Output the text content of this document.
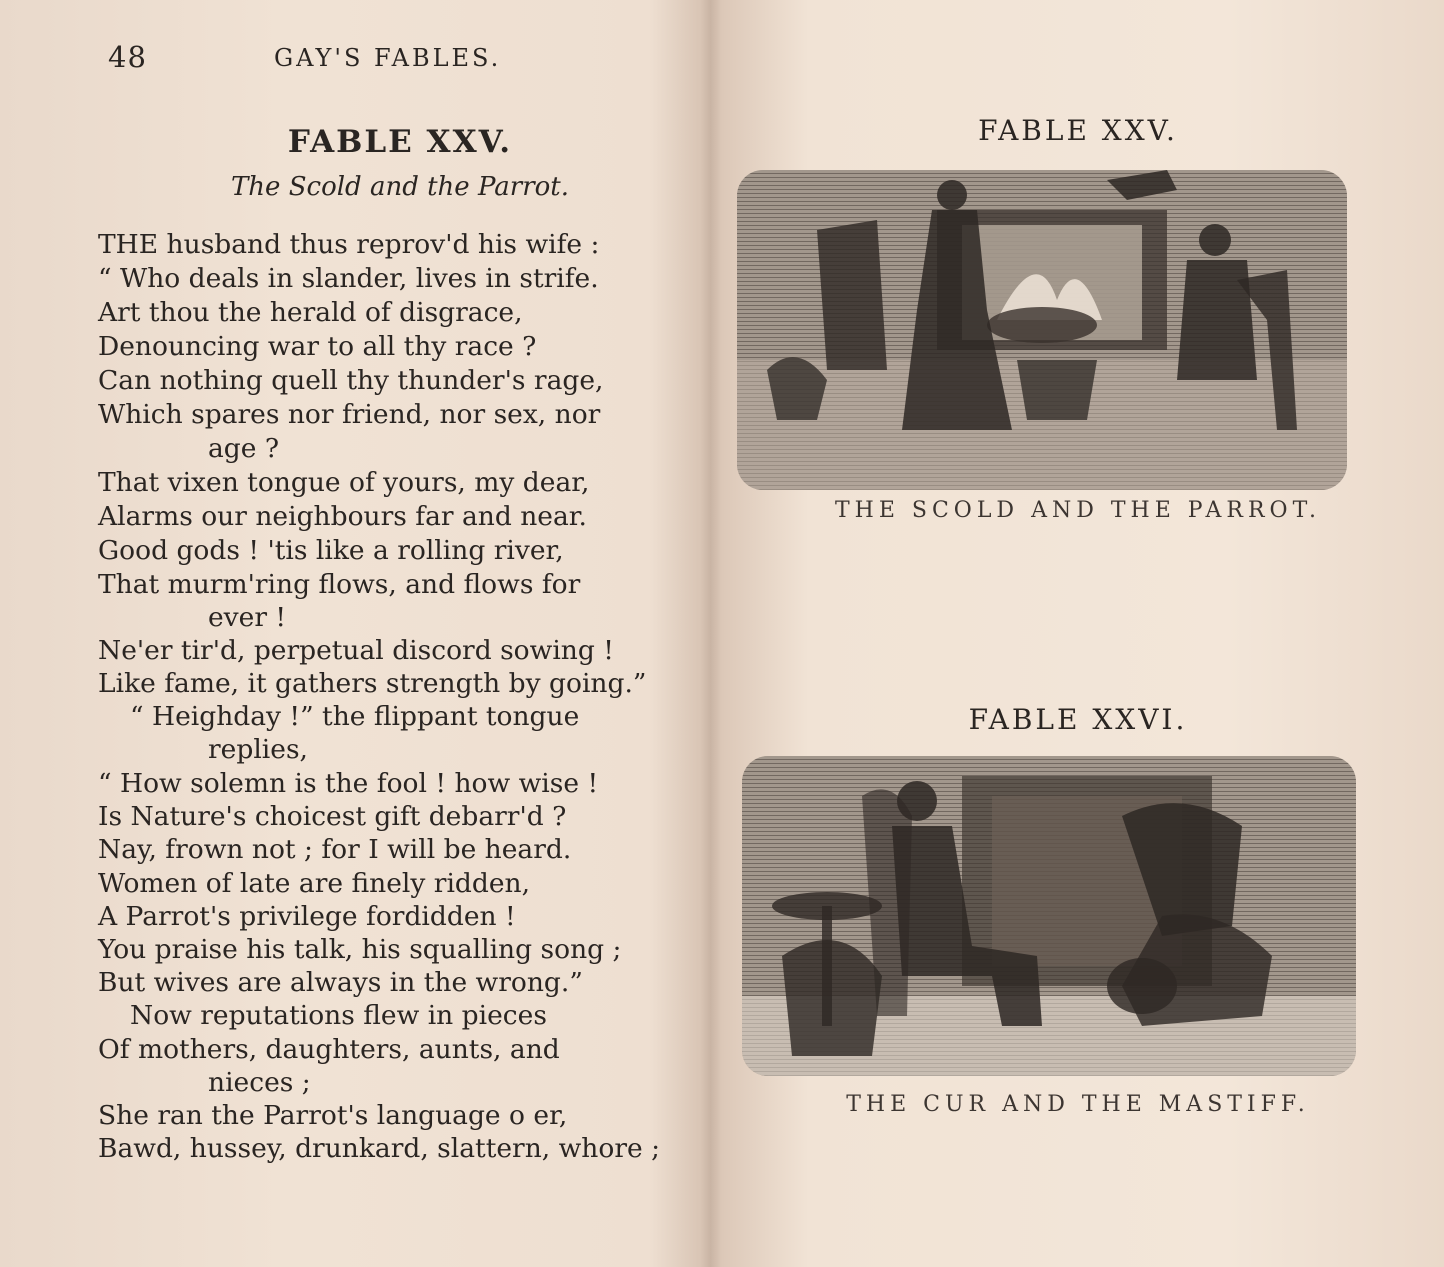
48	GAY'S FABLES.
FABLE XXV.
The Scold and the Parrot.
THE husband thus reprov'd his wife :
“ Who deals in slander, lives in strife.
Art thou the herald of disgrace,
Denouncing war to all thy race ?
Can nothing quell thy thunder's rage,
Which spares nor friend, nor sex, nor
age ?
That vixen tongue of yours, my dear,
Alarms our neighbours far and near.
Good gods ! 'tis like a rolling river,
That murm'ring flows, and flows for
ever !
Ne'er tir'd, perpetual discord sowing !
Like fame, it gathers strength by going.”
“ Heighday !” the flippant tongue
replies,
“ How solemn is the fool ! how wise !
Is Nature's choicest gift debarr'd ?
Nay, frown not ; for I will be heard.
Women of late are finely ridden,
A Parrot's privilege fordidden !
You praise his talk, his squalling song ;
But wives are always in the wrong.”
Now reputations flew in pieces
Of mothers, daughters, aunts, and
nieces ;
She ran the Parrot's language o er,
Bawd, hussey, drunkard, slattern, whore ;
FABLE XXV.
THE SCOLD AND THE PARROT.
FABLE XXVI.
THE CUR AND THE MASTIFF.
